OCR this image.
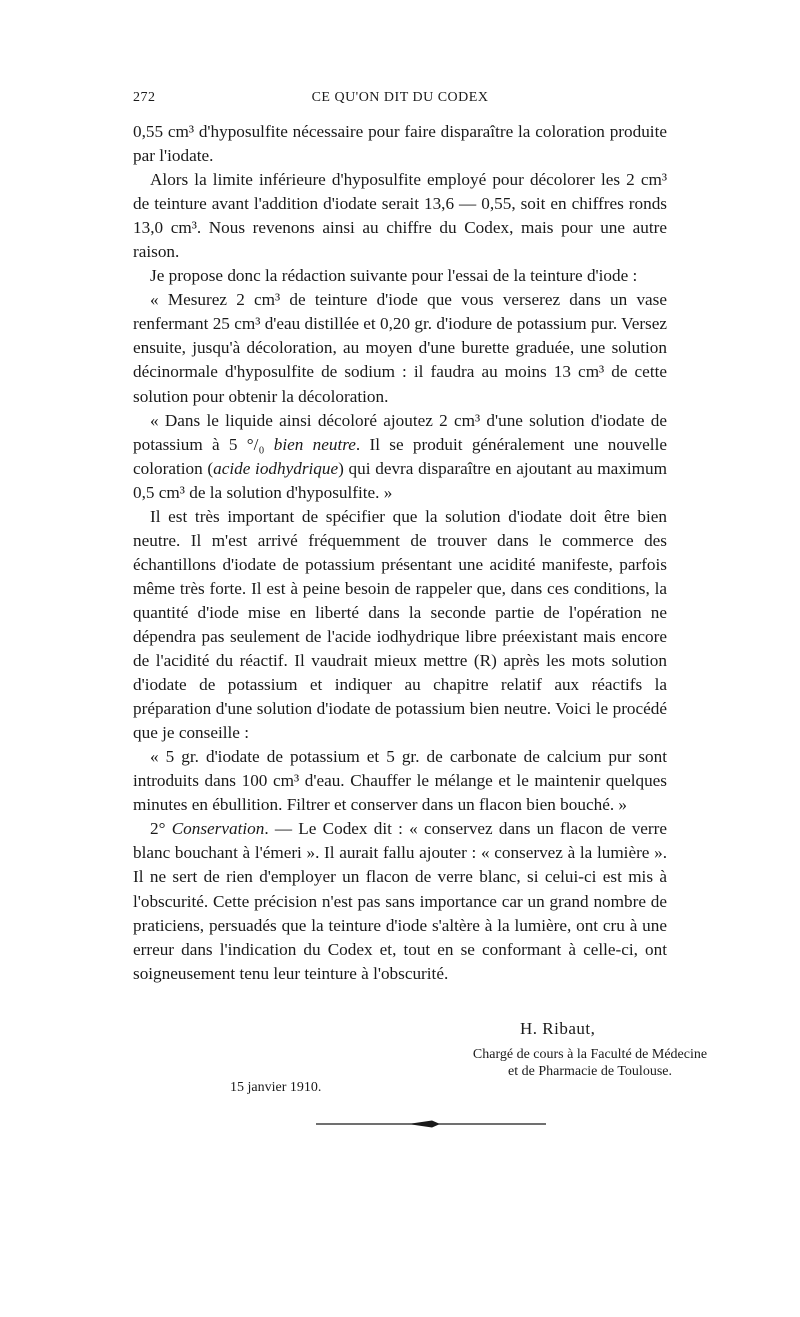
272	CE QU'ON DIT DU CODEX

0,55 cm³ d'hyposulfite nécessaire pour faire disparaître la coloration produite par l'iodate.

Alors la limite inférieure d'hyposulfite employé pour décolorer les 2 cm³ de teinture avant l'addition d'iodate serait 13,6 — 0,55, soit en chiffres ronds 13,0 cm³. Nous revenons ainsi au chiffre du Codex, mais pour une autre raison.

Je propose donc la rédaction suivante pour l'essai de la teinture d'iode :

« Mesurez 2 cm³ de teinture d'iode que vous verserez dans un vase renfermant 25 cm³ d'eau distillée et 0,20 gr. d'iodure de potassium pur. Versez ensuite, jusqu'à décoloration, au moyen d'une burette graduée, une solution décinormale d'hyposulfite de sodium : il faudra au moins 13 cm³ de cette solution pour obtenir la décoloration.

« Dans le liquide ainsi décoloré ajoutez 2 cm³ d'une solution d'iodate de potassium à 5 °/₀ bien neutre. Il se produit généralement une nouvelle coloration (acide iodhydrique) qui devra disparaître en ajoutant au maximum 0,5 cm³ de la solution d'hyposulfite. »

Il est très important de spécifier que la solution d'iodate doit être bien neutre. Il m'est arrivé fréquemment de trouver dans le commerce des échantillons d'iodate de potassium présentant une acidité manifeste, parfois même très forte. Il est à peine besoin de rappeler que, dans ces conditions, la quantité d'iode mise en liberté dans la seconde partie de l'opération ne dépendra pas seulement de l'acide iodhydrique libre préexistant mais encore de l'acidité du réactif. Il vaudrait mieux mettre (R) après les mots solution d'iodate de potassium et indiquer au chapitre relatif aux réactifs la préparation d'une solution d'iodate de potassium bien neutre. Voici le procédé que je conseille :

« 5 gr. d'iodate de potassium et 5 gr. de carbonate de calcium pur sont introduits dans 100 cm³ d'eau. Chauffer le mélange et le maintenir quelques minutes en ébullition. Filtrer et conserver dans un flacon bien bouché. »

2° Conservation. — Le Codex dit : « conservez dans un flacon de verre blanc bouchant à l'émeri ». Il aurait fallu ajouter : « conservez à la lumière ». Il ne sert de rien d'employer un flacon de verre blanc, si celui-ci est mis à l'obscurité. Cette précision n'est pas sans importance car un grand nombre de praticiens, persuadés que la teinture d'iode s'altère à la lumière, ont cru à une erreur dans l'indication du Codex et, tout en se conformant à celle-ci, ont soigneusement tenu leur teinture à l'obscurité.

H. Ribaut,
Chargé de cours à la Faculté de Médecine
et de Pharmacie de Toulouse.
15 janvier 1910.
